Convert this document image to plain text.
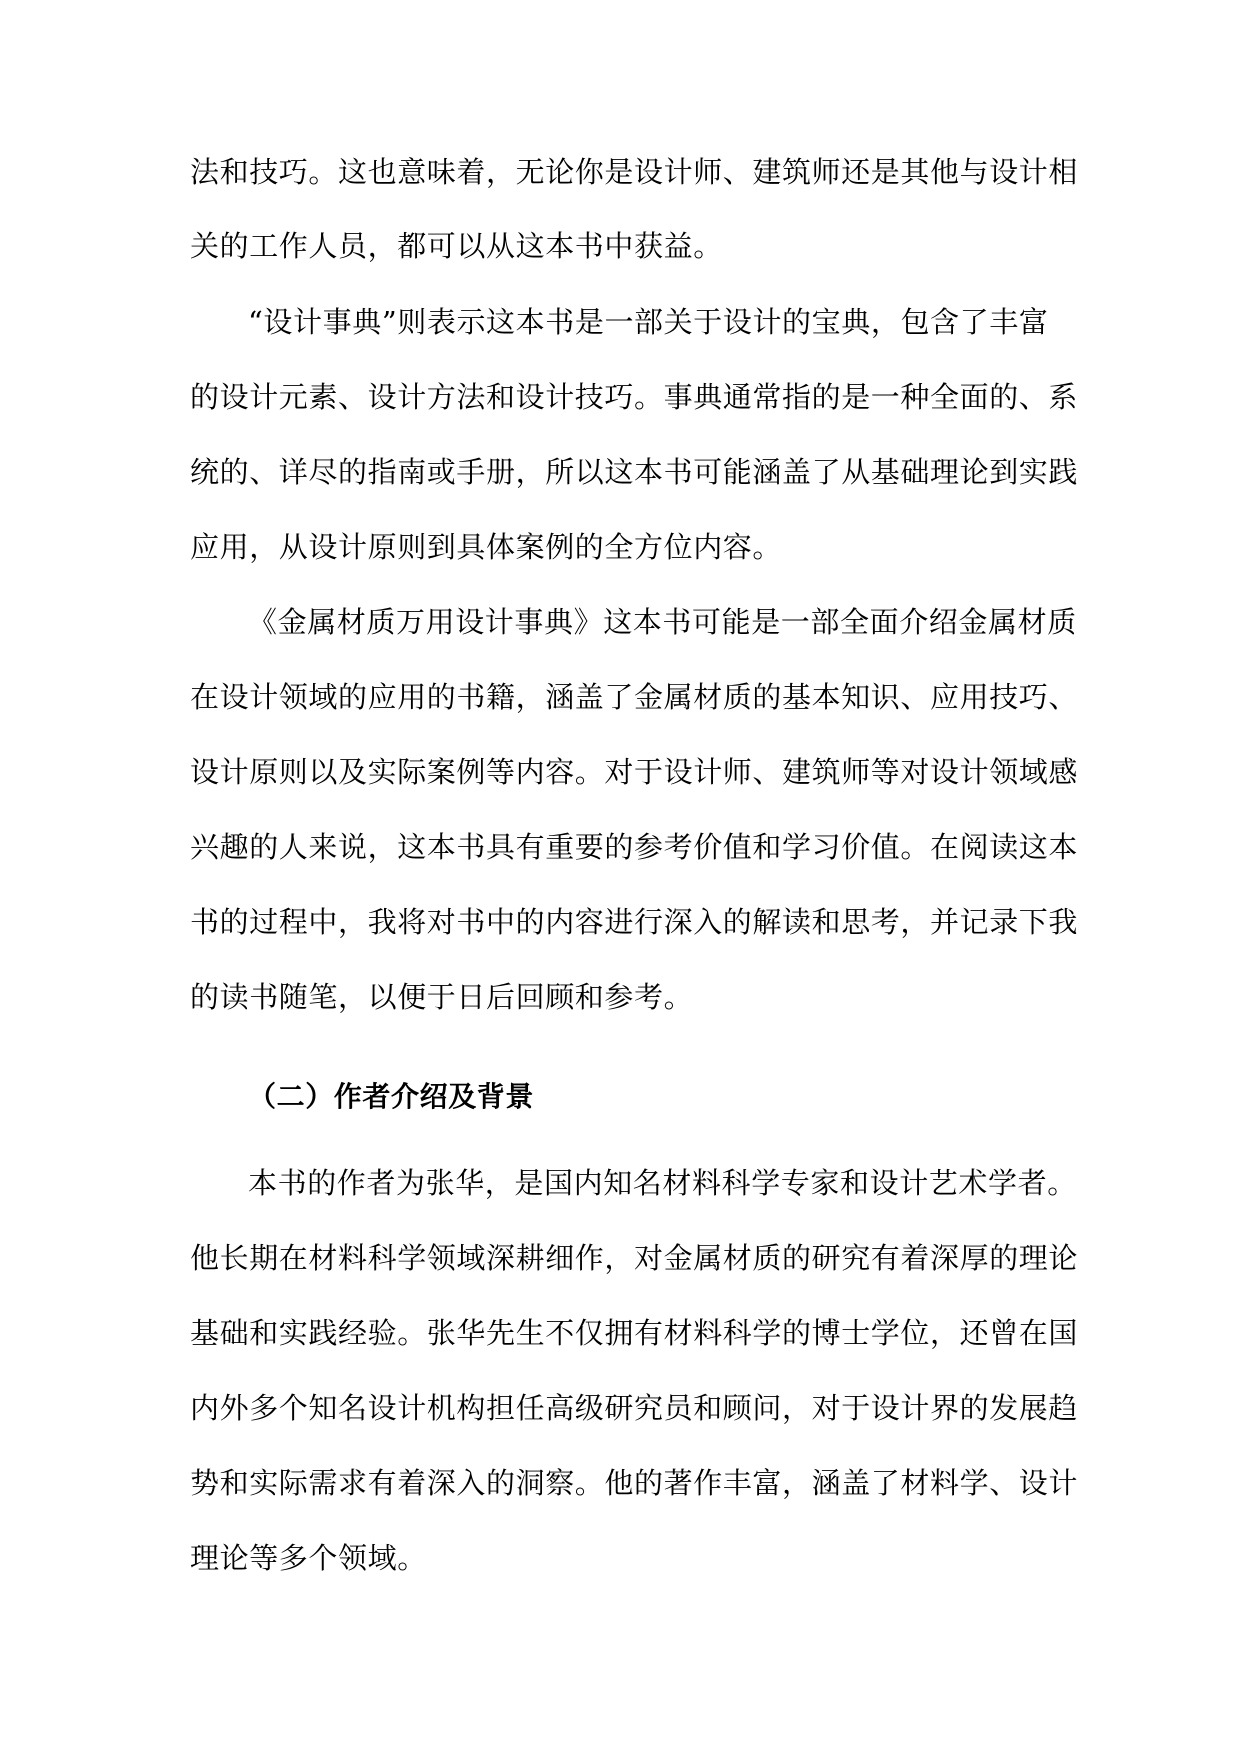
法和技巧。这也意味着，无论你是设计师、建筑师还是其他与设计相
关的工作人员，都可以从这本书中获益。
“设计事典”则表示这本书是一部关于设计的宝典，包含了丰富
的设计元素、设计方法和设计技巧。事典通常指的是一种全面的、系
统的、详尽的指南或手册，所以这本书可能涵盖了从基础理论到实践
应用，从设计原则到具体案例的全方位内容。
《金属材质万用设计事典》这本书可能是一部全面介绍金属材质
在设计领域的应用的书籍，涵盖了金属材质的基本知识、应用技巧、
设计原则以及实际案例等内容。对于设计师、建筑师等对设计领域感
兴趣的人来说，这本书具有重要的参考价值和学习价值。在阅读这本
书的过程中，我将对书中的内容进行深入的解读和思考，并记录下我
的读书随笔，以便于日后回顾和参考。
（二）作者介绍及背景
本书的作者为张华，是国内知名材料科学专家和设计艺术学者。
他长期在材料科学领域深耕细作，对金属材质的研究有着深厚的理论
基础和实践经验。张华先生不仅拥有材料科学的博士学位，还曾在国
内外多个知名设计机构担任高级研究员和顾问，对于设计界的发展趋
势和实际需求有着深入的洞察。他的著作丰富，涵盖了材料学、设计
理论等多个领域。
